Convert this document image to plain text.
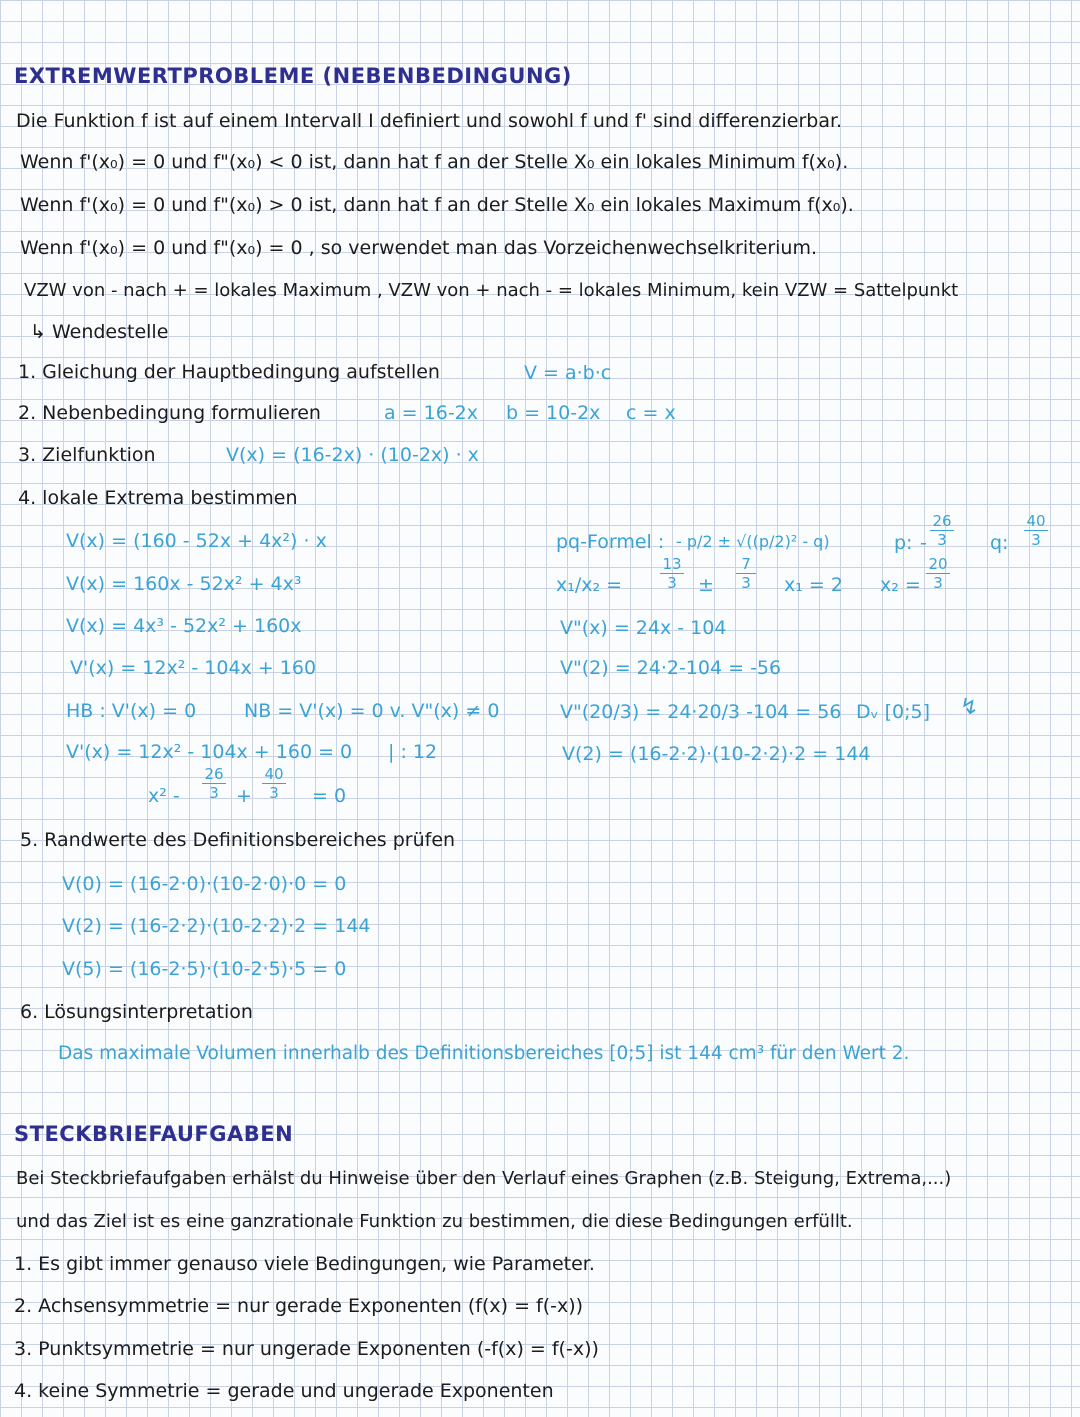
EXTREMWERTPROBLEME (NEBENBEDINGUNG)
Die Funktion f ist auf einem Intervall I definiert und sowohl f und f' sind differenzierbar.
Wenn f'(x₀) = 0 und f"(x₀) < 0 ist, dann hat f an der Stelle X₀ ein lokales Minimum f(x₀).
Wenn f'(x₀) = 0 und f"(x₀) > 0 ist, dann hat f an der Stelle X₀ ein lokales Maximum f(x₀).
Wenn f'(x₀) = 0 und f"(x₀) = 0 , so verwendet man das Vorzeichenwechselkriterium.
VZW von - nach + = lokales Maximum , VZW von + nach - = lokales Minimum, kein VZW = Sattelpunkt
↳ Wendestelle
1. Gleichung der Hauptbedingung aufstellen	V = a·b·c
2. Nebenbedingung formulieren	a = 16-2x b = 10-2x c = x
3. Zielfunktion	V(x) = (16-2x) · (10-2x) · x
4. lokale Extrema bestimmen
V(x) = (160 - 52x + 4x²) · x
V(x) = 160x - 52x² + 4x³
V(x) = 4x³ - 52x² + 160x
V'(x) = 12x² - 104x + 160
HB : V'(x) = 0	NB = V'(x) = 0 v. V"(x) ≠ 0
V'(x) = 12x² - 104x + 160 = 0 | : 12
x² -
26
3 +
40
3	= 0
pq-Formel : - p/2 ± √((p/2)² - q)	p: -
26
3	q:
40
3
x₁/x₂ =
13
3	±
7
3 x₁ = 2 x₂ =
20
3
V"(x) = 24x - 104
V"(2) = 24·2-104 = -56
V"(20/3) = 24·20/3 -104 = 56 Dᵥ [0;5] ↯
V(2) = (16-2·2)·(10-2·2)·2 = 144
5. Randwerte des Definitionsbereiches prüfen
V(0) = (16-2·0)·(10-2·0)·0 = 0
V(2) = (16-2·2)·(10-2·2)·2 = 144
V(5) = (16-2·5)·(10-2·5)·5 = 0
6. Lösungsinterpretation
Das maximale Volumen innerhalb des Definitionsbereiches [0;5] ist 144 cm³ für den Wert 2.
STECKBRIEFAUFGABEN
Bei Steckbriefaufgaben erhälst du Hinweise über den Verlauf eines Graphen (z.B. Steigung, Extrema,...)
und das Ziel ist es eine ganzrationale Funktion zu bestimmen, die diese Bedingungen erfüllt.
1. Es gibt immer genauso viele Bedingungen, wie Parameter.
2. Achsensymmetrie = nur gerade Exponenten (f(x) = f(-x))
3. Punktsymmetrie = nur ungerade Exponenten (-f(x) = f(-x))
4. keine Symmetrie = gerade und ungerade Exponenten
